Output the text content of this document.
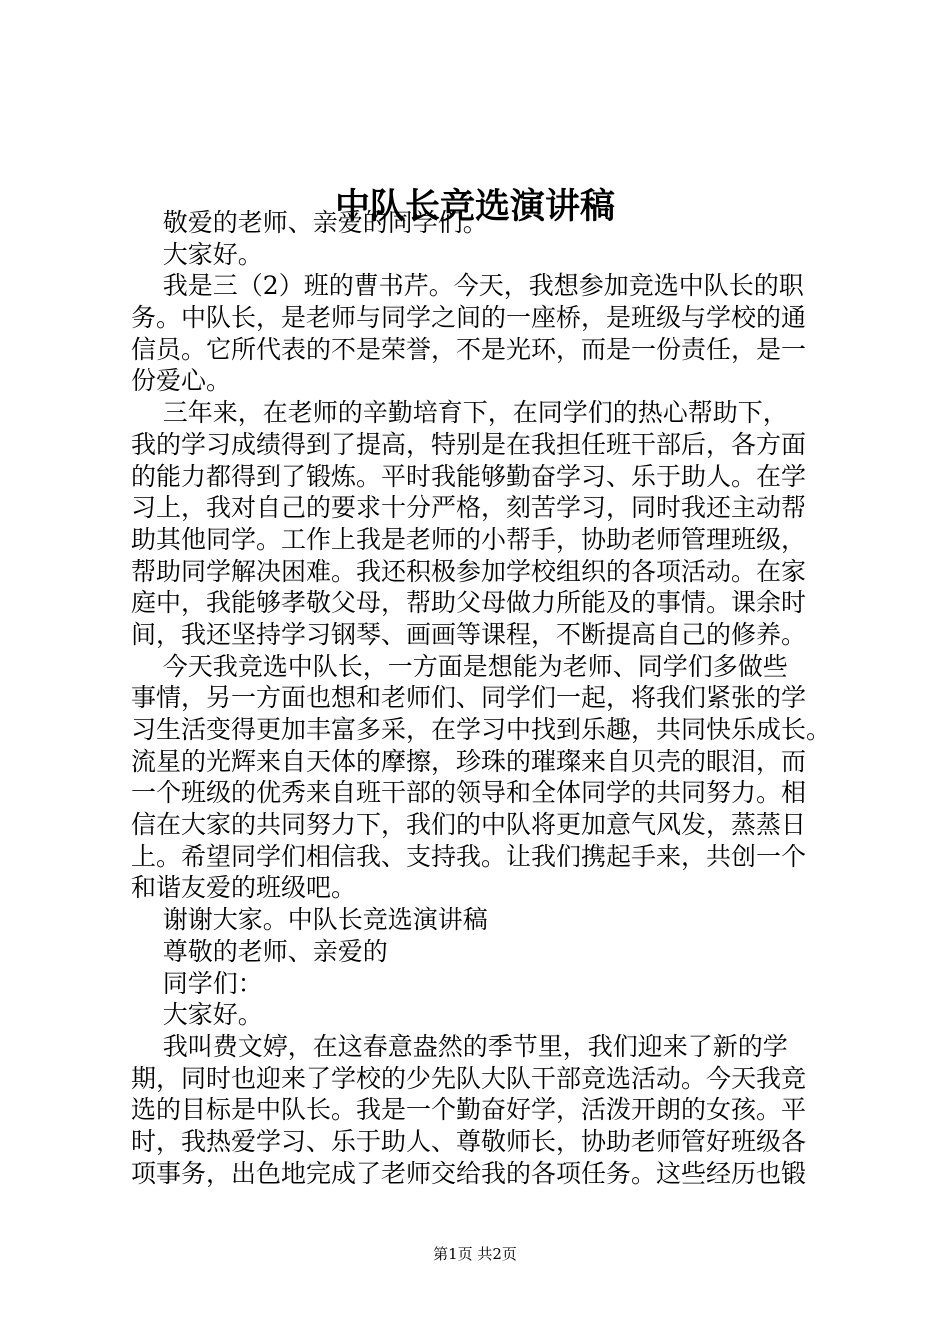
中队长竞选演讲稿
敬爱的老师、亲爱的同学们。
大家好。
我是三（2）班的曹书芹。今天，我想参加竞选中队长的职
务。中队长，是老师与同学之间的一座桥，是班级与学校的通
信员。它所代表的不是荣誉，不是光环，而是一份责任，是一
份爱心。
三年来，在老师的辛勤培育下，在同学们的热心帮助下，
我的学习成绩得到了提高，特别是在我担任班干部后，各方面
的能力都得到了锻炼。平时我能够勤奋学习、乐于助人。在学
习上，我对自己的要求十分严格，刻苦学习，同时我还主动帮
助其他同学。工作上我是老师的小帮手，协助老师管理班级，
帮助同学解决困难。我还积极参加学校组织的各项活动。在家
庭中，我能够孝敬父母，帮助父母做力所能及的事情。课余时
间，我还坚持学习钢琴、画画等课程，不断提高自己的修养。
今天我竞选中队长，一方面是想能为老师、同学们多做些
事情，另一方面也想和老师们、同学们一起，将我们紧张的学
习生活变得更加丰富多采，在学习中找到乐趣，共同快乐成长。
流星的光辉来自天体的摩擦，珍珠的璀璨来自贝壳的眼泪，而
一个班级的优秀来自班干部的领导和全体同学的共同努力。相
信在大家的共同努力下，我们的中队将更加意气风发，蒸蒸日
上。希望同学们相信我、支持我。让我们携起手来，共创一个
和谐友爱的班级吧。
谢谢大家。中队长竞选演讲稿
尊敬的老师、亲爱的
同学们：
大家好。
我叫费文婷，在这春意盎然的季节里，我们迎来了新的学
期，同时也迎来了学校的少先队大队干部竞选活动。今天我竞
选的目标是中队长。我是一个勤奋好学，活泼开朗的女孩。平
时，我热爱学习、乐于助人、尊敬师长，协助老师管好班级各
项事务，出色地完成了老师交给我的各项任务。这些经历也锻
第1页 共2页
